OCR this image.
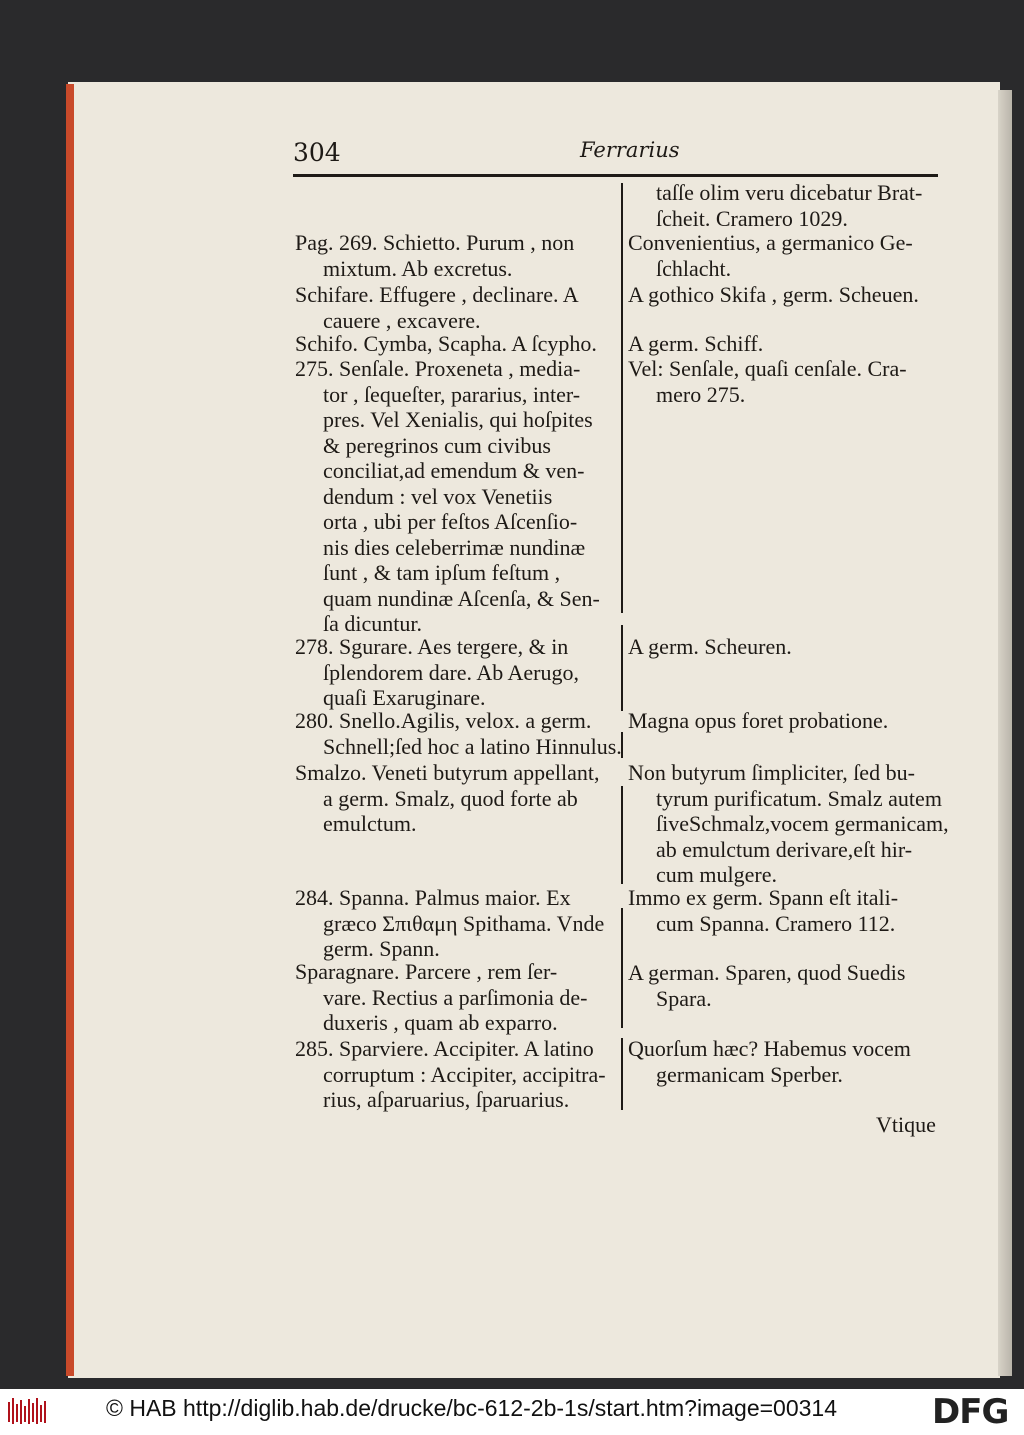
304	Ferrarius
Pag. 269. Schietto. Purum , non
mixtum. Ab excretus.
Schifare. Effugere , declinare. A
cauere , excavere.
Schifo. Cymba, Scapha. A ſcypho.
275. Senſale. Proxeneta , media-
tor , ſequeſter, pararius, inter-
pres. Vel Xenialis, qui hoſpites
& peregrinos cum civibus
conciliat,ad emendum & ven-
dendum : vel vox Venetiis
orta , ubi per feſtos Aſcenſio-
nis dies celeberrimæ nundinæ
ſunt , & tam ipſum feſtum ,
quam nundinæ Aſcenſa, & Sen-
ſa dicuntur.
278. Sgurare. Aes tergere, & in
ſplendorem dare. Ab Aerugo,
quaſi Exaruginare.
280. Snello.Agilis, velox. a germ.
Schnell;ſed hoc a latino Hinnulus.
Smalzo. Veneti butyrum appellant,
a germ. Smalz, quod forte ab
emulctum.
284. Spanna. Palmus maior. Ex
græco Σπιθαμη Spithama. Vnde
germ. Spann.
Sparagnare. Parcere , rem ſer-
vare. Rectius a parſimonia de-
duxeris , quam ab exparro.
285. Sparviere. Accipiter. A latino
corruptum : Accipiter, accipitra-
rius, aſparuarius, ſparuarius.
taſſe olim veru dicebatur Brat-
ſcheit. Cramero 1029.
Convenientius, a germanico Ge-
ſchlacht.
A gothico Skifa , germ. Scheuen.
A germ. Schiff.
Vel: Senſale, quaſi cenſale. Cra-
mero 275.
A germ. Scheuren.
Magna opus foret probatione.
Non butyrum ſimpliciter, ſed bu-
tyrum purificatum. Smalz autem
ſiveSchmalz,vocem germanicam,
ab emulctum derivare,eſt hir-
cum mulgere.
Immo ex germ. Spann eſt itali-
cum Spanna. Cramero 112.
A german. Sparen, quod Suedis
Spara.
Quorſum hæc? Habemus vocem
germanicam Sperber.
Vtique
© HAB http://diglib.hab.de/drucke/bc-612-2b-1s/start.htm?image=00314	DFG
